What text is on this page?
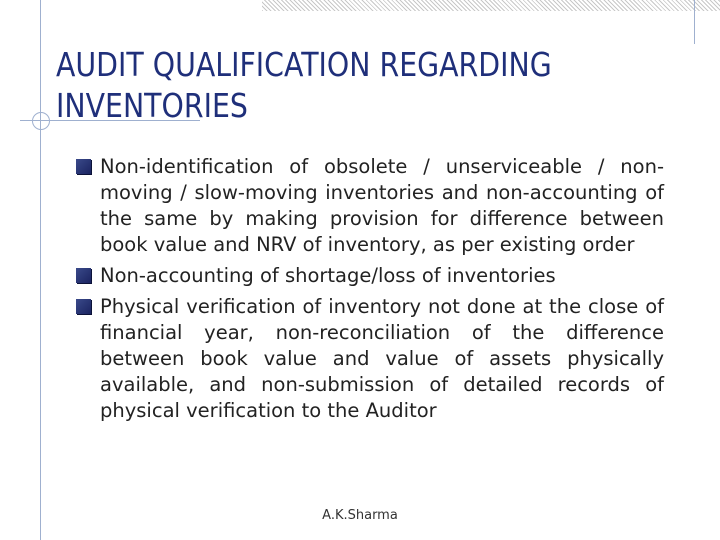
AUDIT QUALIFICATION REGARDING
INVENTORIES
Non-identification of obsolete / unserviceable / non-moving / slow-moving inventories and non-accounting of the same by making provision for difference between book value and NRV of inventory, as per existing order
Non-accounting of shortage/loss of inventories
Physical verification of inventory not done at the close of financial year, non-reconciliation of the difference between book value and value of assets physically available, and non-submission of detailed records of physical verification to the Auditor
A.K.Sharma
